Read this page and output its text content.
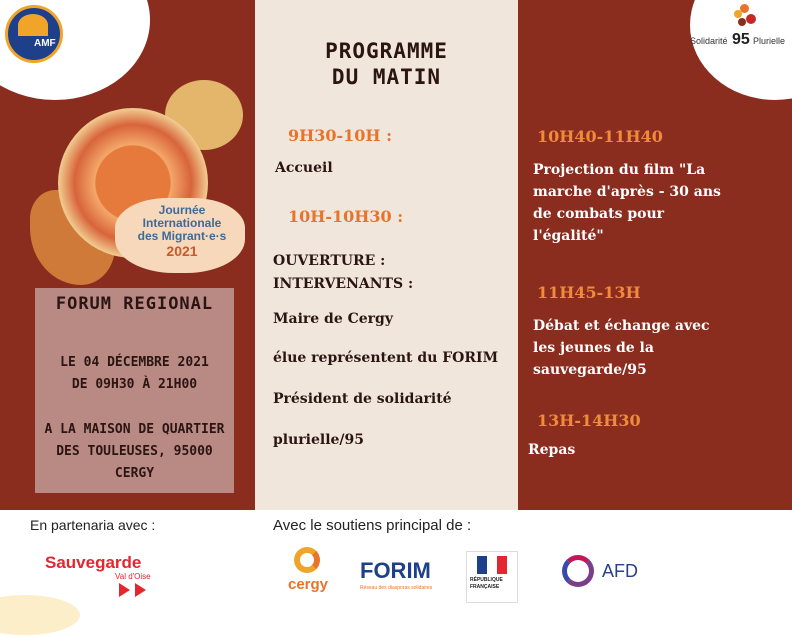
AMF
Journée
Internationale
des Migrant·e·s
2021
FORUM REGIONAL
LE 04 DÉCEMBRE 2021
DE 09H30 À 21H00
A LA MAISON DE QUARTIER
DES TOULEUSES, 95000
CERGY
PROGRAMME
DU MATIN
9H30-10H :
Accueil
10H-10H30 :
OUVERTURE :
INTERVENANTS :
Maire de Cergy
élue représentent du FORIM
Président de solidarité
plurielle/95
10H40-11H40
Projection du film "La
marche d'après - 30 ans
de combats pour
l'égalité"
11H45-13H
Débat et échange avec
les jeunes de la
sauvegarde/95
13H-14H30
Repas
Solidarité 95 Plurielle
En partenaria avec :	Avec le soutiens principal de :
Sauvegarde
Val d'Oise	cergy
FORIM
Réseau des diasporas solidaires
RÉPUBLIQUE
FRANÇAISE
AFD
